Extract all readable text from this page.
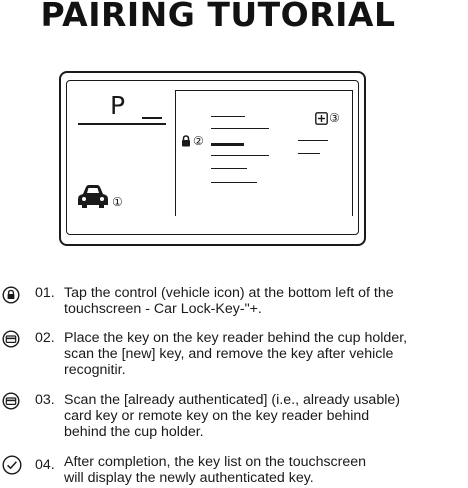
PAIRING TUTORIAL
P
①
②
③
01. Tap the control (vehicle icon) at the bottom left of the
touchscreen - Car Lock-Key-"+.
02. Place the key on the key reader behind the cup holder,
scan the [new] key, and remove the key after vehicle
recognitir.
03. Scan the [already authenticated] (i.e., already usable)
card key or remote key on the key reader behind
behind the cup holder.
04. After completion, the key list on the touchscreen
will display the newly authenticated key.
